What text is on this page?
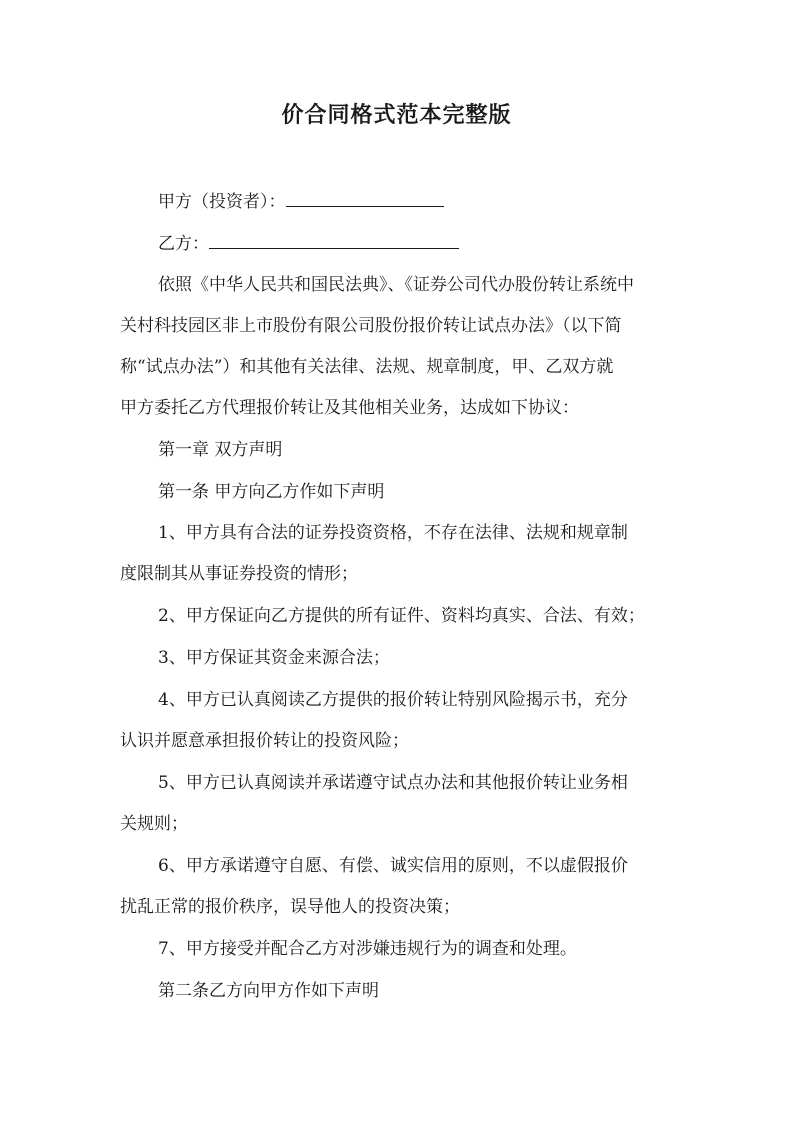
价合同格式范本完整版

甲方（投资者）：

乙方：

依照《中华人民共和国民法典》、《证券公司代办股份转让系统中

关村科技园区非上市股份有限公司股份报价转让试点办法》（以下简

称“试点办法”）和其他有关法律、法规、规章制度，甲、乙双方就

甲方委托乙方代理报价转让及其他相关业务，达成如下协议：

第一章 双方声明

第一条 甲方向乙方作如下声明

1、甲方具有合法的证券投资资格，不存在法律、法规和规章制

度限制其从事证券投资的情形；

2、甲方保证向乙方提供的所有证件、资料均真实、合法、有效；

3、甲方保证其资金来源合法；

4、甲方已认真阅读乙方提供的报价转让特别风险揭示书，充分

认识并愿意承担报价转让的投资风险；

5、甲方已认真阅读并承诺遵守试点办法和其他报价转让业务相

关规则；

6、甲方承诺遵守自愿、有偿、诚实信用的原则，不以虚假报价

扰乱正常的报价秩序，误导他人的投资决策；

7、甲方接受并配合乙方对涉嫌违规行为的调查和处理。

第二条乙方向甲方作如下声明
